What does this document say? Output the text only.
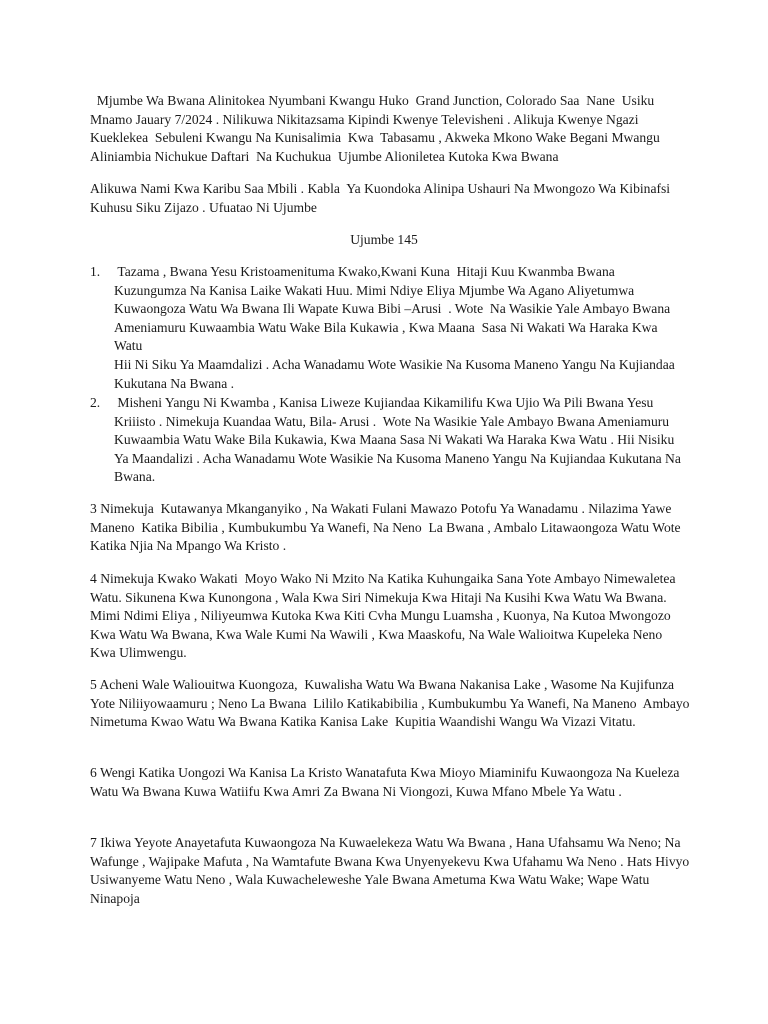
Mjumbe Wa Bwana Alinitokea Nyumbani Kwangu Huko  Grand Junction, Colorado Saa  Nane  Usiku Mnamo Jauary 7/2024 . Nilikuwa Nikitazsama Kipindi Kwenye Televisheni . Alikuja Kwenye Ngazi Kueklekea  Sebuleni Kwangu Na Kunisalimia  Kwa  Tabasamu , Akweka Mkono Wake Begani Mwangu Aliniambia Nichukue Daftari  Na Kuchukua  Ujumbe Alioniletea Kutoka Kwa Bwana

Alikuwa Nami Kwa Karibu Saa Mbili . Kabla  Ya Kuondoka Alinipa Ushauri Na Mwongozo Wa Kibinafsi  Kuhusu Siku Zijazo . Ufuatao Ni Ujumbe

Ujumbe 145

1. Tazama , Bwana Yesu Kristoamenituma Kwako,Kwani Kuna  Hitaji Kuu Kwanmba Bwana Kuzungumza Na Kanisa Laike Wakati Huu. Mimi Ndiye Eliya Mjumbe Wa Agano Aliyetumwa Kuwaongoza Watu Wa Bwana Ili Wapate Kuwa Bibi –Arusi  . Wote  Na Wasikie Yale Ambayo Bwana Ameniamuru Kuwaambia Watu Wake Bila Kukawia , Kwa Maana  Sasa Ni Wakati Wa Haraka Kwa Watu
Hii Ni Siku Ya Maamdalizi . Acha Wanadamu Wote Wasikie Na Kusoma Maneno Yangu Na Kujiandaa Kukutana Na Bwana .

2. Misheni Yangu Ni Kwamba , Kanisa Liweze Kujiandaa Kikamilifu Kwa Ujio Wa Pili Bwana Yesu Kriiisto . Nimekuja Kuandaa Watu, Bila- Arusi .  Wote Na Wasikie Yale Ambayo Bwana Ameniamuru Kuwaambia Watu Wake Bila Kukawia, Kwa Maana Sasa Ni Wakati Wa Haraka Kwa Watu . Hii Nisiku Ya Maandalizi . Acha Wanadamu Wote Wasikie Na Kusoma Maneno Yangu Na Kujiandaa Kukutana Na Bwana.

3 Nimekuja  Kutawanya Mkanganyiko , Na Wakati Fulani Mawazo Potofu Ya Wanadamu . Nilazima Yawe Maneno  Katika Bibilia , Kumbukumbu Ya Wanefi, Na Neno  La Bwana , Ambalo Litawaongoza Watu Wote Katika Njia Na Mpango Wa Kristo .

4 Nimekuja Kwako Wakati  Moyo Wako Ni Mzito Na Katika Kuhungaika Sana Yote Ambayo Nimewaletea Watu. Sikunena Kwa Kunongona , Wala Kwa Siri Nimekuja Kwa Hitaji Na Kusihi Kwa Watu Wa Bwana. Mimi Ndimi Eliya , Niliyeumwa Kutoka Kwa Kiti Cvha Mungu Luamsha , Kuonya, Na Kutoa Mwongozo Kwa Watu Wa Bwana, Kwa Wale Kumi Na Wawili , Kwa Maaskofu, Na Wale Walioitwa Kupeleka Neno Kwa Ulimwengu.

5 Acheni Wale Waliouitwa Kuongoza,  Kuwalisha Watu Wa Bwana Nakanisa Lake , Wasome Na Kujifunza Yote Niliiyowaamuru ; Neno La Bwana  Lililo Katikabibilia , Kumbukumbu Ya Wanefi, Na Maneno  Ambayo Nimetuma Kwao Watu Wa Bwana Katika Kanisa Lake  Kupitia Waandishi Wangu Wa Vizazi Vitatu.

6 Wengi Katika Uongozi Wa Kanisa La Kristo Wanatafuta Kwa Mioyo Miaminifu Kuwaongoza Na Kueleza Watu Wa Bwana Kuwa Watiifu Kwa Amri Za Bwana Ni Viongozi, Kuwa Mfano Mbele Ya Watu .

7 Ikiwa Yeyote Anayetafuta Kuwaongoza Na Kuwaelekeza Watu Wa Bwana , Hana Ufahsamu Wa Neno; Na Wafunge , Wajipake Mafuta , Na Wamtafute Bwana Kwa Unyenyekevu Kwa Ufahamu Wa Neno . Hats Hivyo  Usiwanyeme Watu Neno , Wala Kuwacheleweshe Yale Bwana Ametuma Kwa Watu Wake; Wape Watu Ninapoja
